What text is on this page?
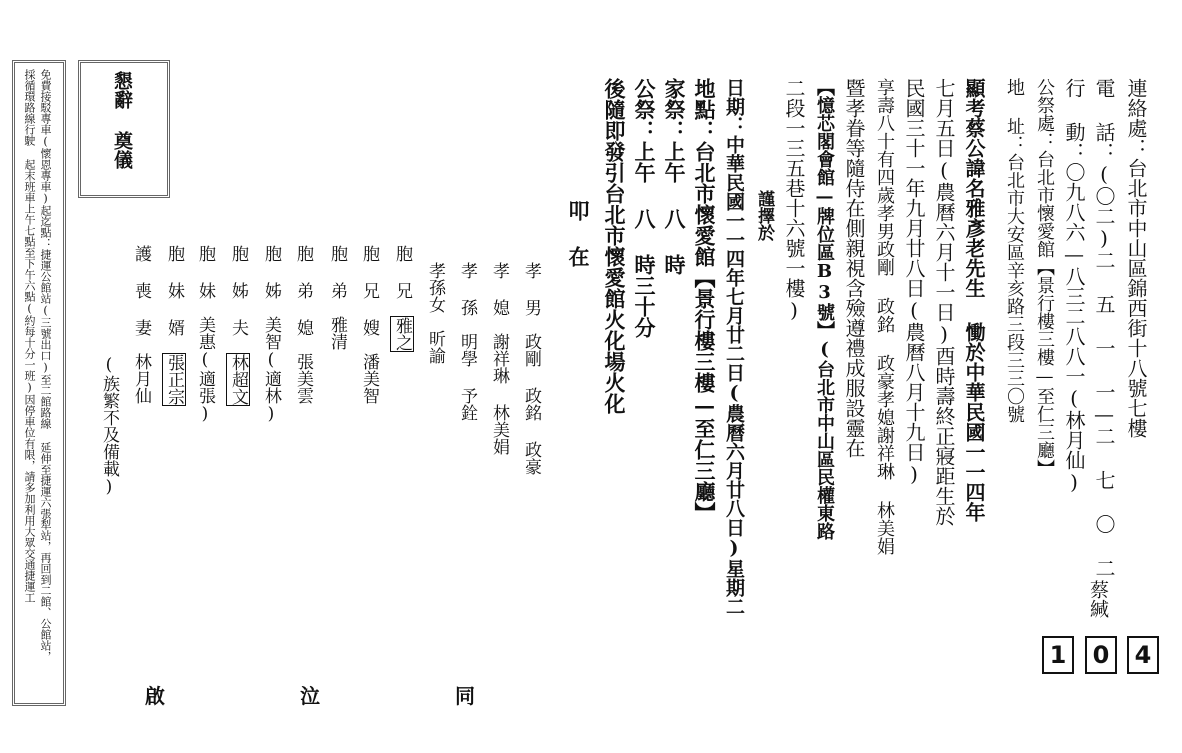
連絡處：台北市中山區錦西街十八號七樓
電 話：(〇二)二 五 一 一—二 七 〇 二
行 動：〇九八六—八三二八八一(林月仙)
公祭處：台北市懷愛館【景行樓三樓—至仁三廳】
地 址：台北市大安區辛亥路三段三三〇號
蔡緘
1	0	4
顯考蔡公諱名雅彥老先生 慟於中華民國一一四年
七月五日(農曆六月十一日)酉時壽終正寢距生於
民國三十一年九月廿八日(農曆八月十九日)
享壽八十有四歲孝男政剛 政銘 政豪孝媳謝祥琳 林美娟
暨孝眷等隨侍在側親視含殮遵禮成服設靈在
【憶芯閣會館—牌位區B3號】(台北市中山區民權東路
二段一三五巷十六號一樓)
謹擇於
日期：中華民國一一四年七月廿二日(農曆六月廿八日)星期二
地點：台北市懷愛館【景行樓三樓—至仁三廳】
家祭：上午 八 時
公祭：上午 八 時三十分
後隨即發引台北市懷愛館火化場火化
叩 在
孝 男　政剛 政銘 政豪
孝 媳　謝祥琳 林美娟
孝 孫　明學 予銓
孝孫女　昕諭
胞 兄　雅之
胞 兄 嫂　潘美智
胞 弟　雅清
胞 弟 媳　張美雲
胞 姊　美智(適林)
胞 姊 夫　林超文
胞 妹　美惠(適張)
胞 妹 婿　張正宗
護 喪 妻　林月仙
(族繁不及備載)
同
泣
啟
懇辭 奠儀
免費接駁專車(懷恩專車)起迄點：捷運公館站(三號出口)至二館路線 延伸至捷運六張犁站，再回到二館、公館站，
採循環路線行駛 起末班車上午七點至下午六點(約每十分一班)因停車位有限，請多加利用大眾交通捷運工
